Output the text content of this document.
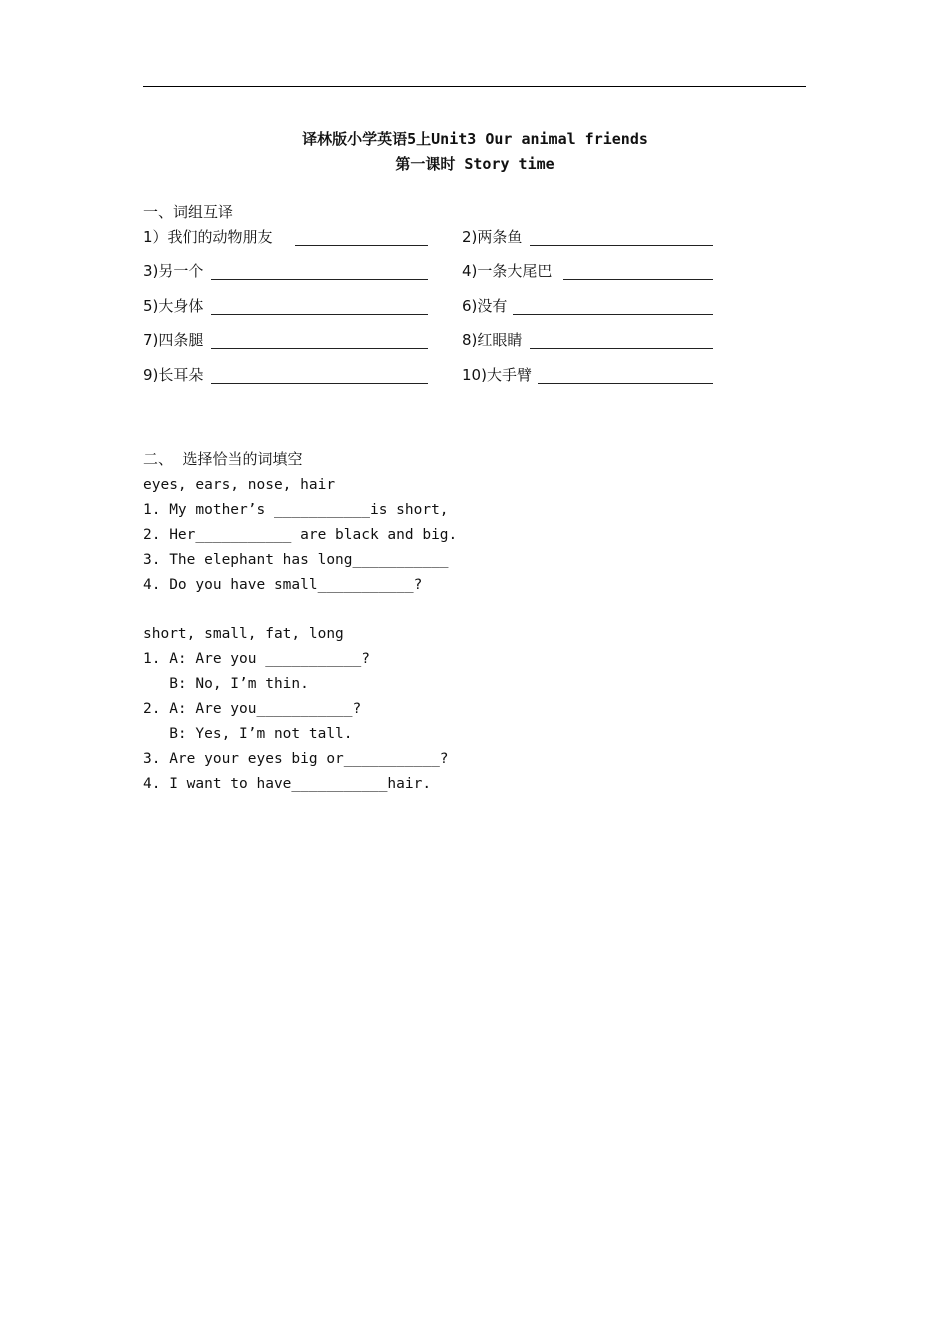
译林版小学英语5上Unit3 Our animal friends
第一课时 Story time
一、词组互译
1）我们的动物朋友	2)两条鱼
3)另一个	4)一条大尾巴
5)大身体	6)没有
7)四条腿	8)红眼睛
9)长耳朵	10)大手臂
二、  选择恰当的词填空
eyes, ears, nose, hair
1. My mother’s ___________is short,
2. Her___________ are black and big.
3. The elephant has long___________
4. Do you have small___________?
short, small, fat, long
1. A: Are you ___________?
B: No, I’m thin.
2. A: Are you___________?
B: Yes, I’m not tall.
3. Are your eyes big or___________?
4. I want to have___________hair.
